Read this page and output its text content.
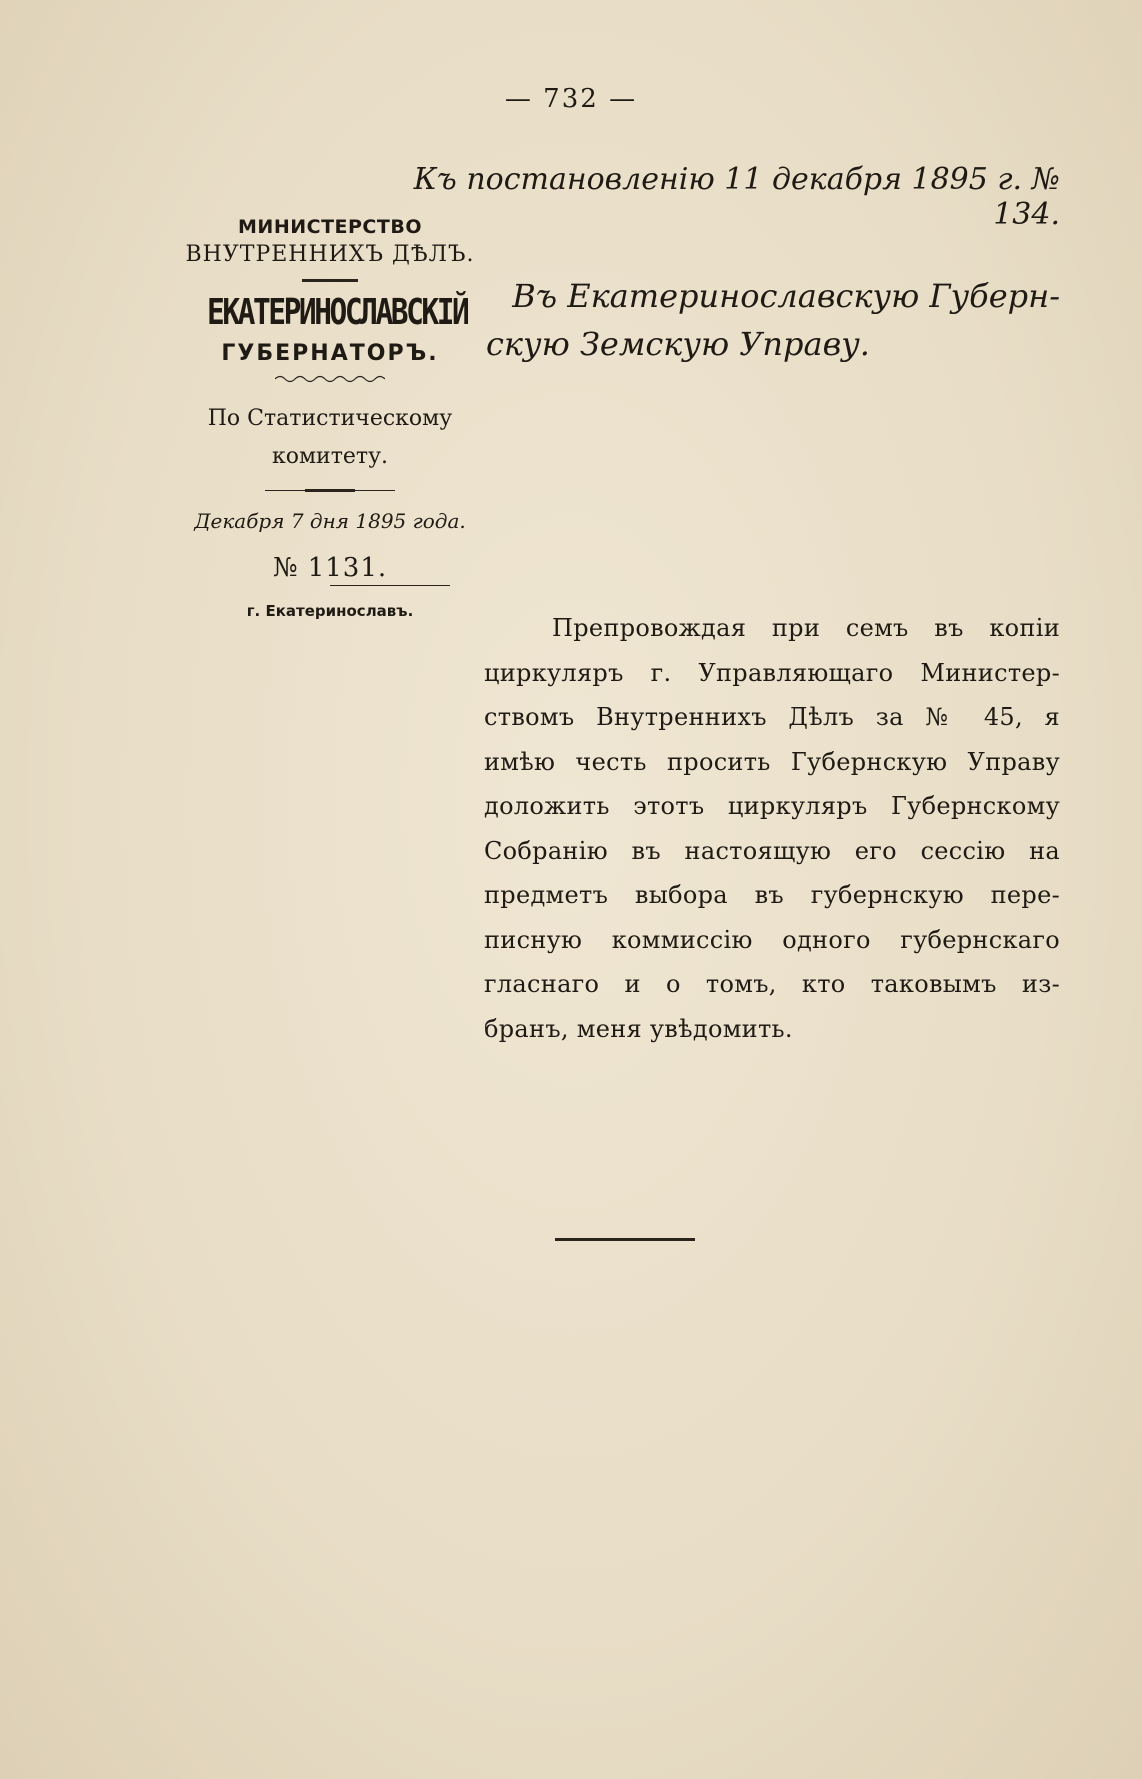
— 732 —
Къ постановленію 11 декабря 1895 г. № 134.
МИНИСТЕРСТВО
ВНУТРЕННИХЪ ДѢЛЪ.
ЕКАТЕРИНОСЛАВСКІЙ
ГУБЕРНАТОРЪ.
По Статистическому
комитету.
Декабря 7 дня 1895 года.
№ 1131.
г. Екатеринославъ.
Въ Екатеринославскую Губерн-
скую Земскую Управу.
Препровождая при семъ въ копіи
циркуляръ г. Управляющаго Министер-
ствомъ Внутреннихъ Дѣлъ за № 45, я
имѣю честь просить Губернскую Управу
доложить этотъ циркуляръ Губернскому
Собранію въ настоящую его сессію на
предметъ выбора въ губернскую пере-
писную коммиссію одного губернскаго
гласнаго и о томъ, кто таковымъ из-
бранъ, меня увѣдомить.
